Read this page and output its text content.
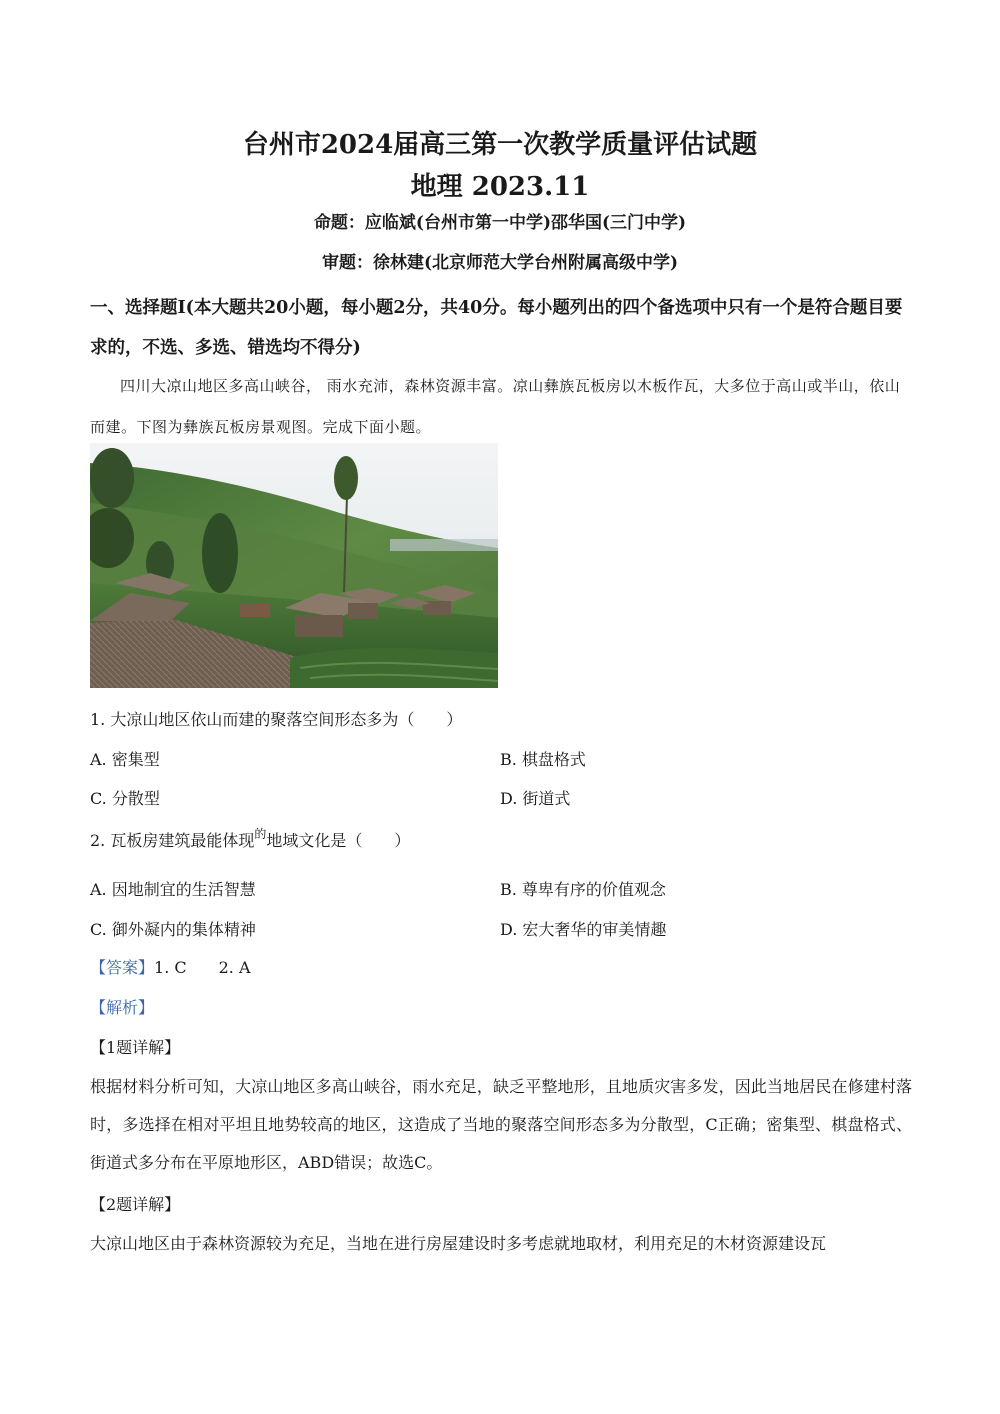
台州市2024届高三第一次教学质量评估试题
地理 2023.11
命题：应临斌(台州市第一中学)邵华国(三门中学)
审题：徐林建(北京师范大学台州附属高级中学)
一、选择题Ⅰ(本大题共20小题，每小题2分，共40分。每小题列出的四个备选项中只有一个是符合题目要求的，不选、多选、错选均不得分)
四川大凉山地区多高山峡谷， 雨水充沛，森林资源丰富。凉山彝族瓦板房以木板作瓦，大多位于高山或半山，依山而建。下图为彝族瓦板房景观图。完成下面小题。
1. 大凉山地区依山而建的聚落空间形态多为（　　）
A. 密集型	B. 棋盘格式
C. 分散型	D. 街道式
2. 瓦板房建筑最能体现$^的$地域文化是（　　）
A. 因地制宜的生活智慧	B. 尊卑有序的价值观念
C. 御外凝内的集体精神	D. 宏大奢华的审美情趣
【答案】1. C　　2. A
【解析】
【1题详解】
根据材料分析可知，大凉山地区多高山峡谷，雨水充足，缺乏平整地形，且地质灾害多发，因此当地居民在修建村落时，多选择在相对平坦且地势较高的地区，这造成了当地的聚落空间形态多为分散型，C正确；密集型、棋盘格式、街道式多分布在平原地形区，ABD错误；故选C。
【2题详解】
大凉山地区由于森林资源较为充足，当地在进行房屋建设时多考虑就地取材，利用充足的木材资源建设瓦
